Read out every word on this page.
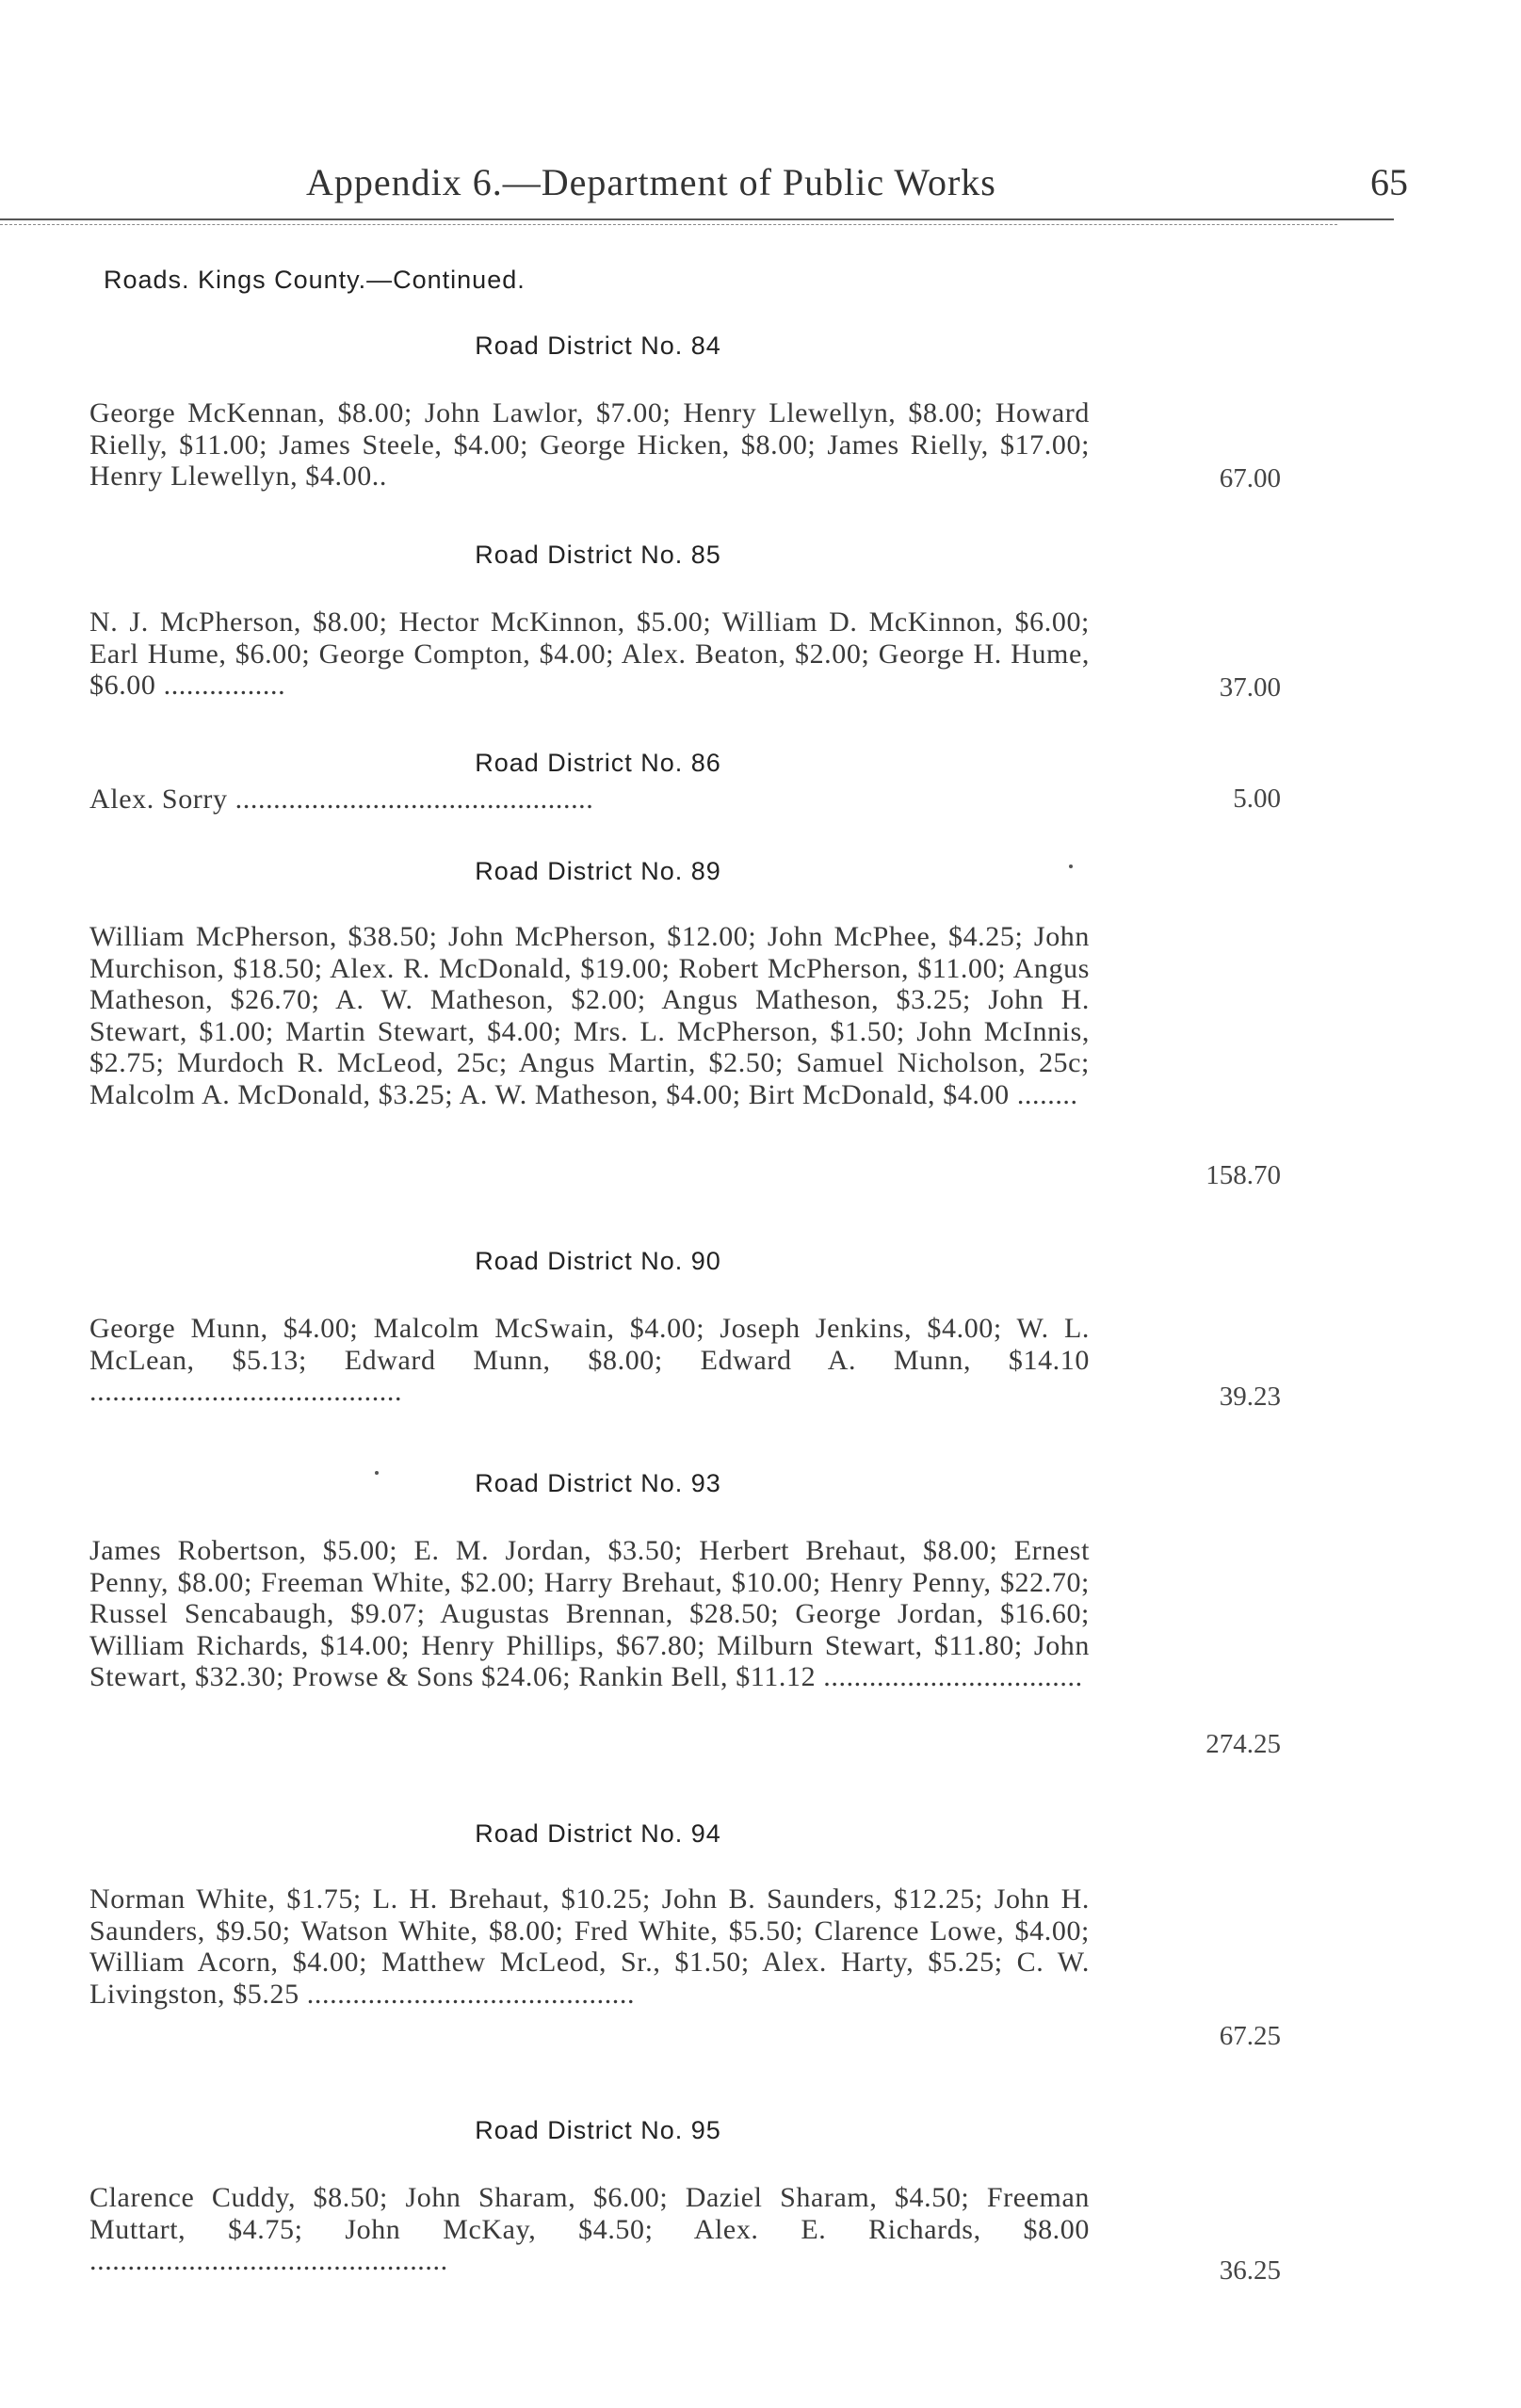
Appendix 6.—Department of Public Works	65
Roads. Kings County.—Continued.
Road District No. 84
George McKennan, $8.00; John Lawlor, $7.00; Henry Llewellyn, $8.00; Howard Rielly, $11.00; James Steele, $4.00; George Hicken, $8.00; James Rielly, $17.00; Henry Llewellyn, $4.00..	67.00
Road District No. 85
N. J. McPherson, $8.00; Hector McKinnon, $5.00; William D. McKinnon, $6.00; Earl Hume, $6.00; George Compton, $4.00; Alex. Beaton, $2.00; George H. Hume, $6.00 ................	37.00
Road District No. 86
Alex. Sorry ...............................................	5.00
Road District No. 89
William McPherson, $38.50; John McPherson, $12.00; John McPhee, $4.25; John Murchison, $18.50; Alex. R. McDonald, $19.00; Robert McPherson, $11.00; Angus Matheson, $26.70; A. W. Matheson, $2.00; Angus Matheson, $3.25; John H. Stewart, $1.00; Martin Stewart, $4.00; Mrs. L. McPherson, $1.50; John McInnis, $2.75; Murdoch R. McLeod, 25c; Angus Martin, $2.50; Samuel Nicholson, 25c; Malcolm A. McDonald, $3.25; A. W. Matheson, $4.00; Birt McDonald, $4.00 ........
158.70
Road District No. 90
George Munn, $4.00; Malcolm McSwain, $4.00; Joseph Jenkins, $4.00; W. L. McLean, $5.13; Edward Munn, $8.00; Edward A. Munn, $14.10 .........................................	39.23
Road District No. 93
James Robertson, $5.00; E. M. Jordan, $3.50; Herbert Brehaut, $8.00; Ernest Penny, $8.00; Freeman White, $2.00; Harry Brehaut, $10.00; Henry Penny, $22.70; Russel Sencabaugh, $9.07; Augustas Brennan, $28.50; George Jordan, $16.60; William Richards, $14.00; Henry Phillips, $67.80; Milburn Stewart, $11.80; John Stewart, $32.30; Prowse & Sons $24.06; Rankin Bell, $11.12 ..................................
274.25
Road District No. 94
Norman White, $1.75; L. H. Brehaut, $10.25; John B. Saunders, $12.25; John H. Saunders, $9.50; Watson White, $8.00; Fred White, $5.50; Clarence Lowe, $4.00; William Acorn, $4.00; Matthew McLeod, Sr., $1.50; Alex. Harty, $5.25; C. W. Livingston, $5.25 ...........................................
67.25
Road District No. 95
Clarence Cuddy, $8.50; John Sharam, $6.00; Daziel Sharam, $4.50; Freeman Muttart, $4.75; John McKay, $4.50; Alex. E. Richards, $8.00 ...............................................	36.25
